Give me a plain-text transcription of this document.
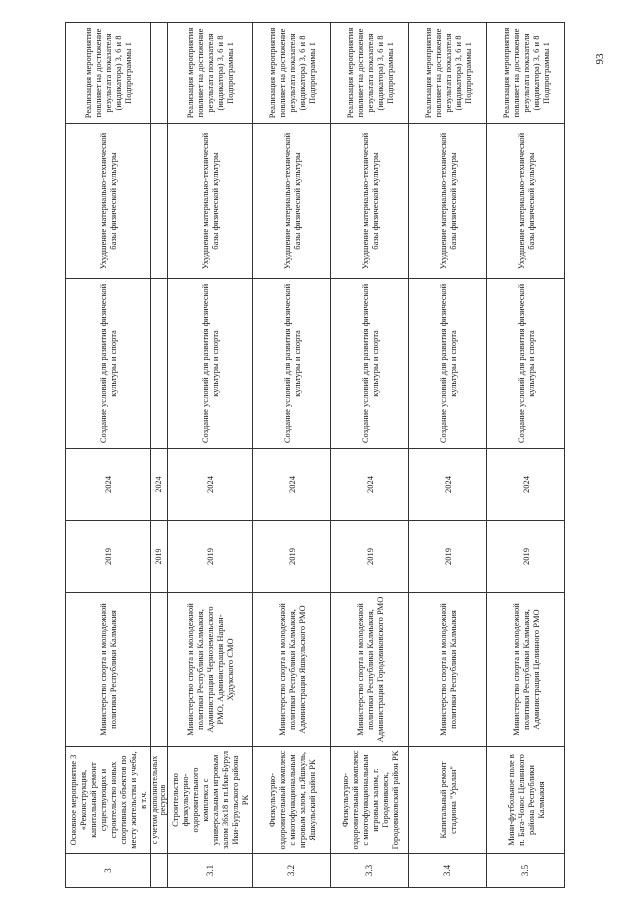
3	Основное мероприятие 3 «Реконструкция, капитальный ремонт существующих и строительство новых спортивных объектов по месту жительства и учебы, в т.ч.	Министерство спорта и молодежной политики Республики Калмыкия	2019	2024	Создание условий для развития физической культуры и спорта	Ухудшение материально-технической базы физической культуры	Реализация мероприятия повлияет на достижение результата показателя (индикатора) 3, 6 и 8 Подпрограммы 1
	с учетом дополнительных ресурсов		2019	2024			
3.1	Строительство физкультурно-оздоровительного комплекса с универсальным игровым залом 36х18 в п.Ики-Бурул Ики-Бурульского района РК	Министерство спорта и молодежной политики Республики Калмыкия, Администрация Черноземельского РМО, Администрация Нарын-Худукского СМО	2019	2024	Создание условий для развития физической культуры и спорта	Ухудшение материально-технической базы физической культуры	Реализация мероприятия повлияет на достижение результата показателя (индикатора) 3, 6 и 8 Подпрограммы 1
3.2	Физкультурно-оздоровительный комплекс с многофункциональным игровым залом, п.Яшкуль, Яшкульский район РК	Министерство спорта и молодежной политики Республики Калмыкия, Администрация Яшкульского РМО	2019	2024	Создание условий для развития физической культуры и спорта	Ухудшение материально-технической базы физической культуры	Реализация мероприятия повлияет на достижение результата показателя (индикатора) 3, 6 и 8 Подпрограммы 1
3.3	Физкультурно-оздоровительный комплекс с многофункциональным игровым залом, г. Городовиковск, Городовиковский район РК	Министерство спорта и молодежной политики Республики Калмыкия, Администрация Городовиковского РМО	2019	2024	Создание условий для развития физической культуры и спорта	Ухудшение материально-технической базы физической культуры	Реализация мероприятия повлияет на достижение результата показателя (индикатора) 3, 6 и 8 Подпрограммы 1
3.4	Капитальный ремонт стадиона "Уралан"	Министерство спорта и молодежной политики Республики Калмыкия	2019	2024	Создание условий для развития физической культуры и спорта	Ухудшение материально-технической базы физической культуры	Реализация мероприятия повлияет на достижение результата показателя (индикатора) 3, 6 и 8 Подпрограммы 1
3.5	Мини-футбольное поле в п. Бага-Чонос Целинного района Республики Калмыкия	Министерство спорта и молодежной политики Республики Калмыкия, Администрация Целинного РМО	2019	2024	Создание условий для развития физической культуры и спорта	Ухудшение материально-технической базы физической культуры	Реализация мероприятия повлияет на достижение результата показателя (индикатора) 3, 6 и 8 Подпрограммы 1	93
